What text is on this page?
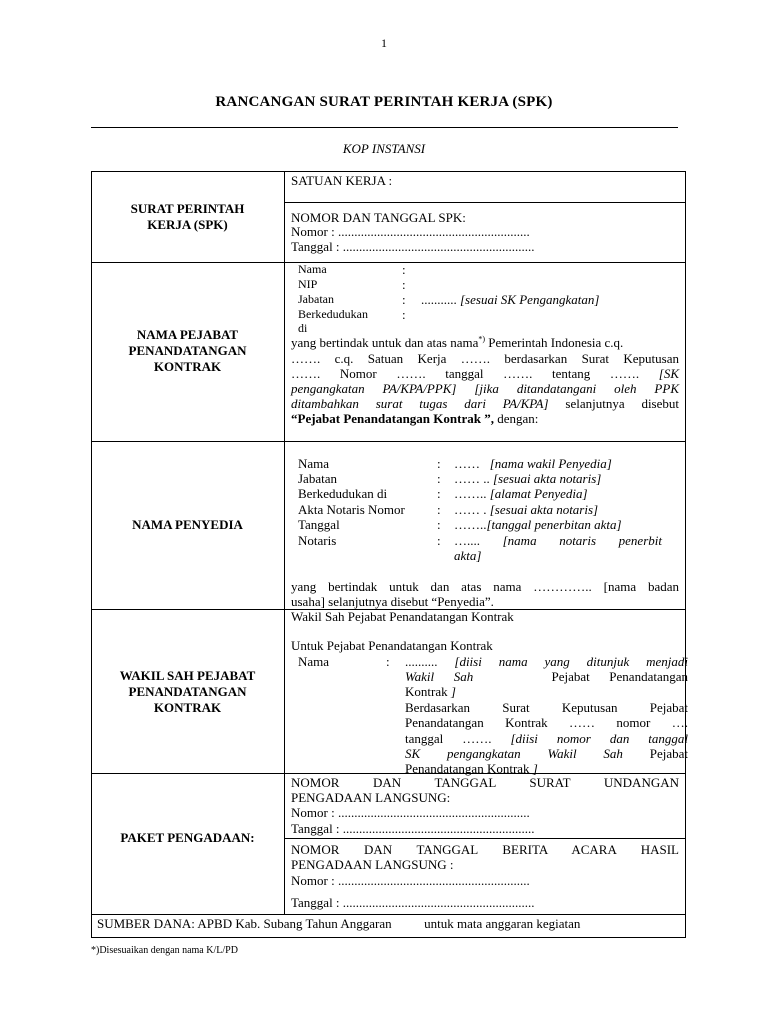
1
RANCANGAN SURAT PERINTAH KERJA (SPK)
KOP INSTANSI
SURAT PERINTAH
KERJA (SPK)
SATUAN KERJA :
NOMOR DAN TANGGAL SPK:
Nomor : ...........................................................
Tanggal : ...........................................................
NAMA PEJABAT
PENANDATANGAN
KONTRAK
Nama
NIP
Jabatan
Berkedudukan
di
:
:
:
:
........... [sesuai SK Pengangkatan]
yang bertindak untuk dan atas nama*) Pemerintah Indonesia c.q.
……. c.q. Satuan Kerja ……. berdasarkan Surat Keputusan
……. Nomor ……. tanggal ……. tentang ……. [SK
pengangkatan PA/KPA/PPK] [jika ditandatangani oleh PPK
ditambahkan surat tugas dari PA/KPA] selanjutnya disebut
“Pejabat Penandatangan Kontrak ”, dengan:
NAMA PENYEDIA
Nama
Jabatan
Berkedudukan di
Akta Notaris Nomor
Tanggal
Notaris
:
:
:
:
:
:
…… [nama wakil Penyedia]
…… .. [sesuai akta notaris]
…….. [alamat Penyedia]
…… . [sesuai akta notaris]
……..[tanggal penerbitan akta]
….... [nama notaris penerbit
akta]
yang bertindak untuk dan atas nama ………….. [nama badan
usaha] selanjutnya disebut “Penyedia”.
WAKIL SAH PEJABAT
PENANDATANGAN
KONTRAK
Wakil Sah Pejabat Penandatangan Kontrak
Untuk Pejabat Penandatangan Kontrak
Nama	: .......... [diisi nama yang ditunjuk menjadi
Wakil Sah	Pejabat Penandatangan
Kontrak ]
Berdasarkan Surat Keputusan Pejabat
Penandatangan Kontrak …… nomor ….
tanggal ……. [diisi nomor dan tanggal
SK pengangkatan Wakil Sah Pejabat
Penandatangan Kontrak ]
PAKET PENGADAAN:
NOMOR DAN TANGGAL SURAT UNDANGAN
PENGADAAN LANGSUNG:
Nomor : ...........................................................
Tanggal : ...........................................................
NOMOR DAN TANGGAL BERITA ACARA HASIL
PENGADAAN LANGSUNG :
Nomor : ...........................................................
Tanggal : ...........................................................
SUMBER DANA: APBD Kab. Subang Tahun Anggaran          untuk mata anggaran kegiatan
*)Disesuaikan dengan nama K/L/PD
